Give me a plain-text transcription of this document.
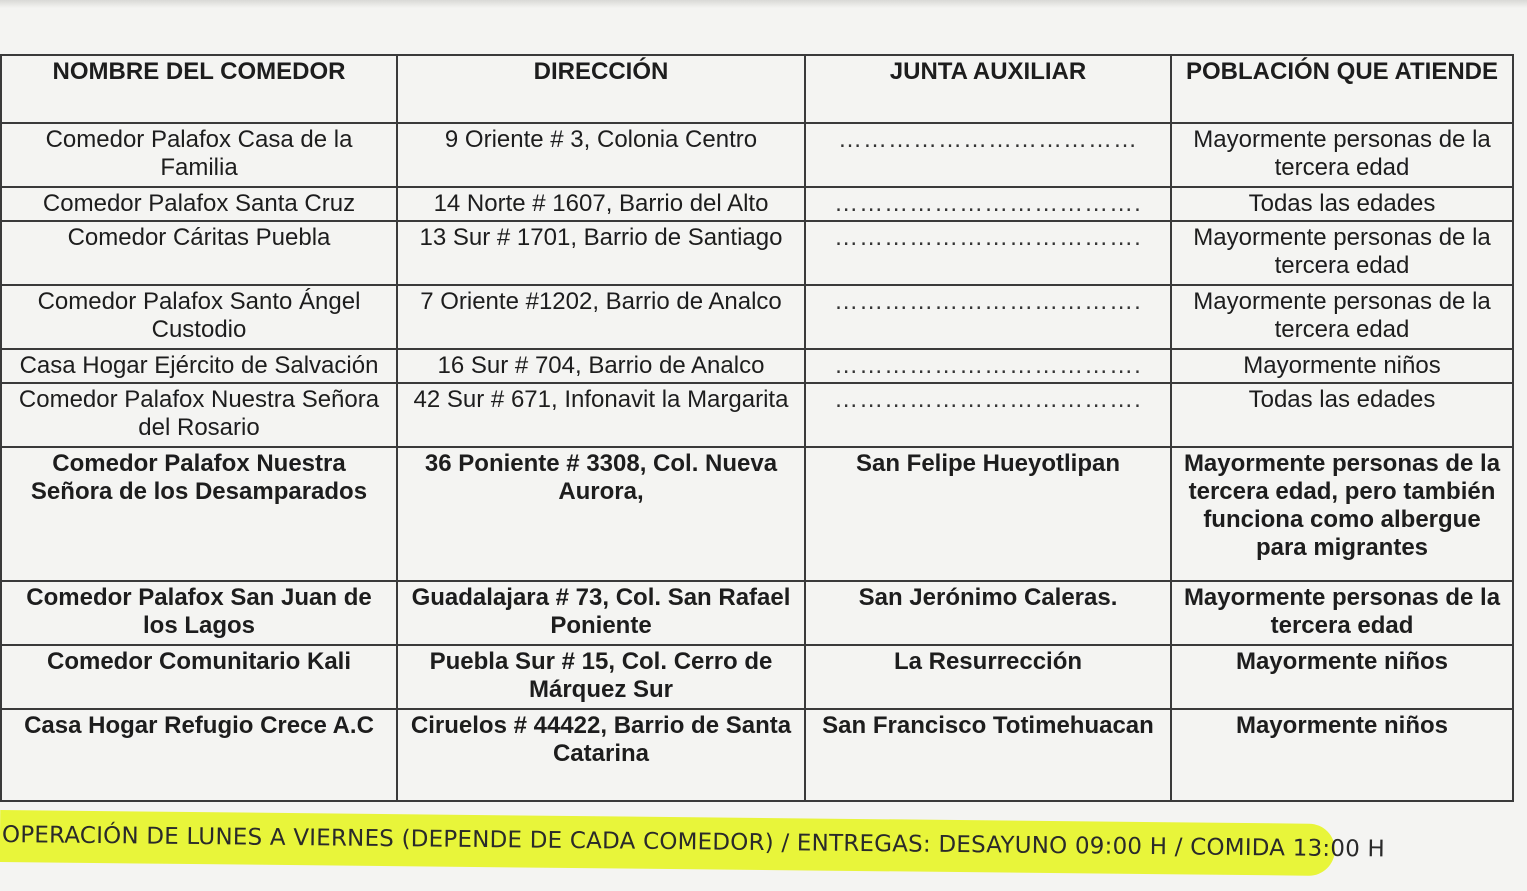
NOMBRE DEL COMEDOR	DIRECCIÓN	JUNTA AUXILIAR	POBLACIÓN QUE ATIENDE
Comedor Palafox Casa de la Familia	9 Oriente # 3, Colonia Centro	………………………………	Mayormente personas de la tercera edad
Comedor Palafox Santa Cruz	14 Norte # 1607, Barrio del Alto	……………………………….	Todas las edades
Comedor Cáritas Puebla	13 Sur # 1701, Barrio de Santiago	……………………………….	Mayormente personas de la tercera edad
Comedor Palafox Santo Ángel Custodio	7 Oriente #1202, Barrio de Analco	……………………………….	Mayormente personas de la tercera edad
Casa Hogar Ejército de Salvación	16 Sur # 704, Barrio de Analco	……………………………….	Mayormente niños
Comedor Palafox Nuestra Señora del Rosario	42 Sur # 671, Infonavit la Margarita	……………………………….	Todas las edades
Comedor Palafox Nuestra Señora de los Desamparados	36 Poniente # 3308, Col. Nueva Aurora,	San Felipe Hueyotlipan	Mayormente personas de la tercera edad, pero también funciona como albergue para migrantes
Comedor Palafox San Juan de los Lagos	Guadalajara # 73, Col. San Rafael Poniente	San Jerónimo Caleras.	Mayormente personas de la tercera edad
Comedor Comunitario Kali	Puebla Sur # 15, Col. Cerro de Márquez Sur	La Resurrección	Mayormente niños
Casa Hogar Refugio Crece A.C	Ciruelos # 44422, Barrio de Santa Catarina	San Francisco Totimehuacan	Mayormente niños
OPERACIÓN DE LUNES A VIERNES (DEPENDE DE CADA COMEDOR) / ENTREGAS: DESAYUNO 09:00 H / COMIDA 13:00 H
